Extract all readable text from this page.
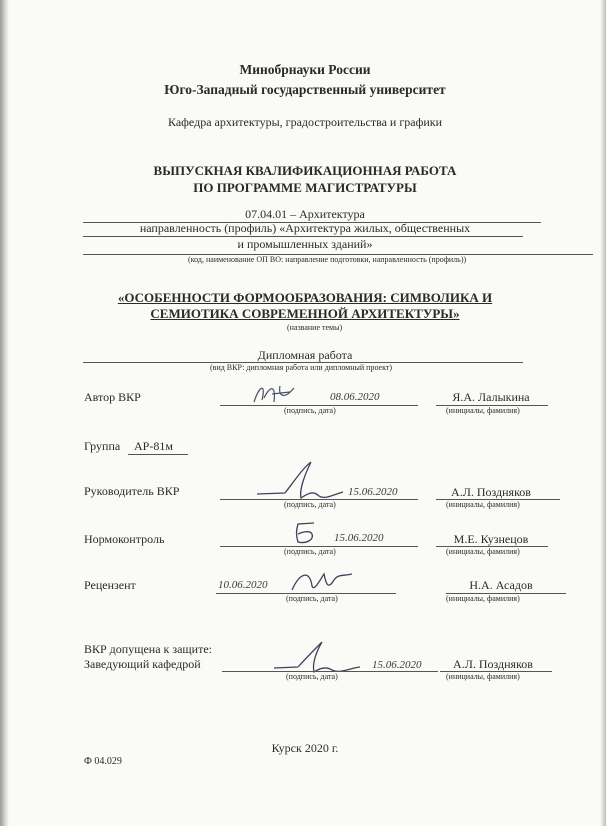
Минобрнауки России
Юго-Западный государственный университет
Кафедра архитектуры, градостроительства и графики
ВЫПУСКНАЯ КВАЛИФИКАЦИОННАЯ РАБОТА
ПО ПРОГРАММЕ МАГИСТРАТУРЫ
07.04.01 – Архитектура
направленность (профиль) «Архитектура жилых, общественных
и промышленных зданий»
(код, наименование ОП ВО: направление подготовки, направленность (профиль))
«ОСОБЕННОСТИ ФОРМООБРАЗОВАНИЯ: СИМВОЛИКА И
СЕМИОТИКА СОВРЕМЕННОЙ АРХИТЕКТУРЫ»
(название темы)
Дипломная работа
(вид ВКР: дипломная работа или дипломный проект)
Автор ВКР	08.06.2020	Я.А. Лалыкина
(подпись, дата)	(инициалы, фамилия)
Группа АР-81м
Руководитель ВКР	15.06.2020	А.Л. Поздняков
(подпись, дата)	(инициалы, фамилия)
Нормоконтроль	15.06.2020	М.Е. Кузнецов
(подпись, дата)	(инициалы, фамилия)
Рецензент	10.06.2020	Н.А. Асадов
(подпись, дата)	(инициалы, фамилия)
ВКР допущена к защите:
Заведующий кафедрой	15.06.2020	А.Л. Поздняков
(подпись, дата)	(инициалы, фамилия)
Курск 2020 г.
Ф 04.029
